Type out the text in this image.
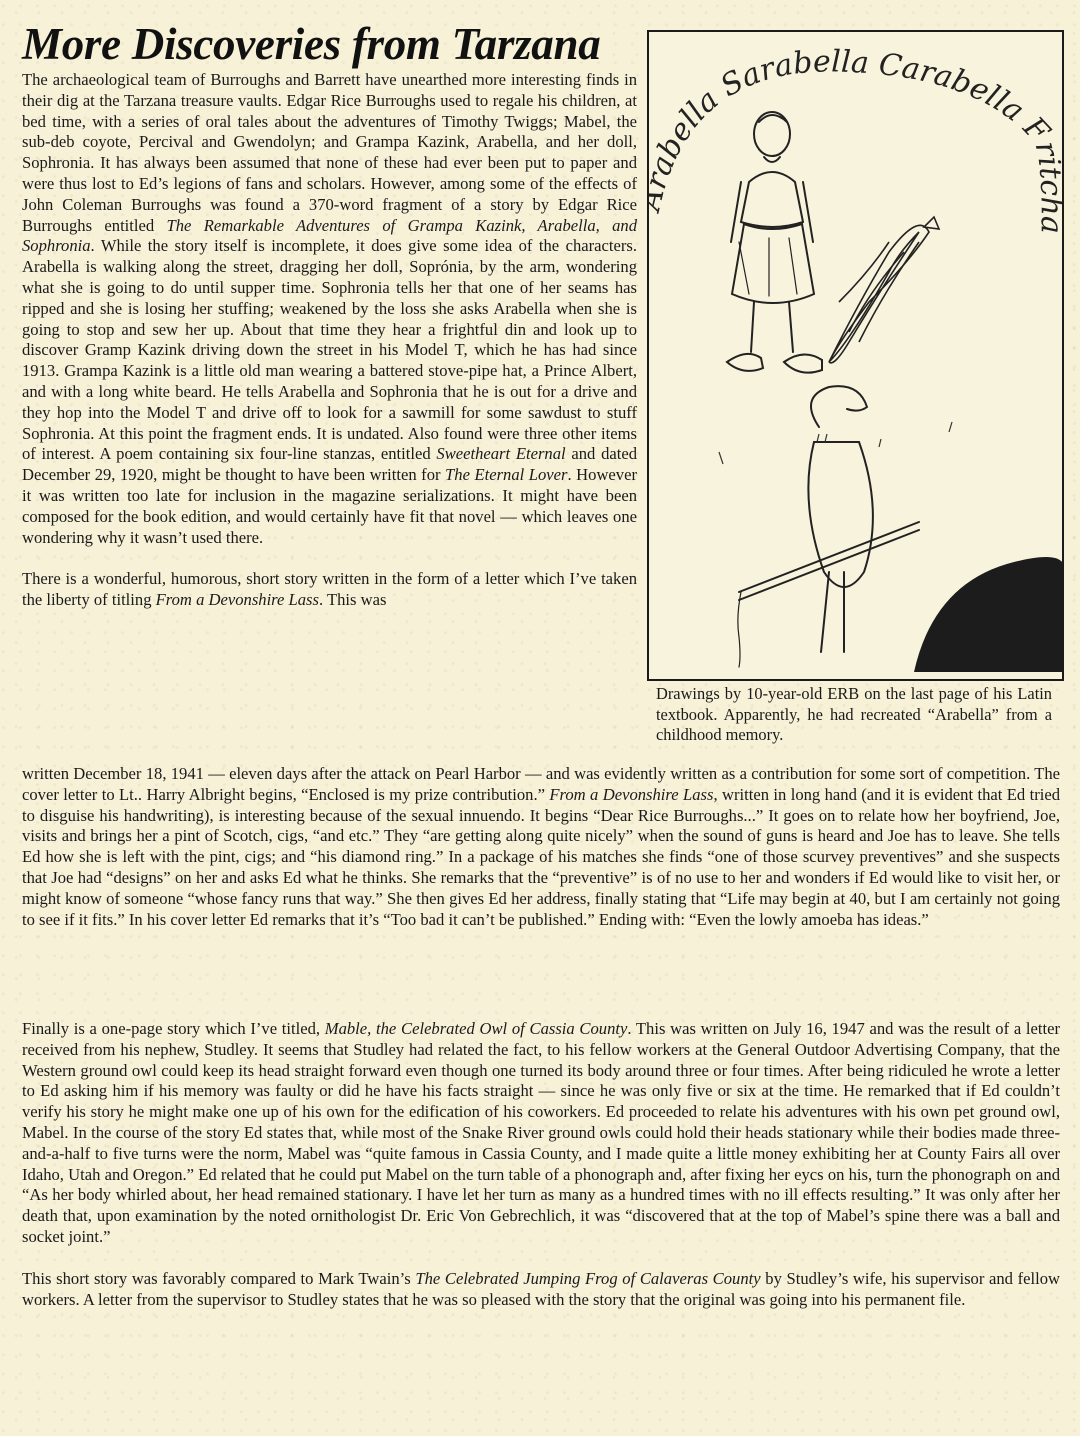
More Discoveries from Tarzana

The archaeological team of Burroughs and Barrett have unearthed more interesting finds in their dig at the Tarzana treasure vaults. Edgar Rice Burroughs used to regale his children, at bed time, with a series of oral tales about the adventures of Timothy Twiggs; Mabel, the sub-deb coyote, Percival and Gwendolyn; and Grampa Kazink, Arabella, and her doll, Sophronia. It has always been assumed that none of these had ever been put to paper and were thus lost to Ed’s legions of fans and scholars. However, among some of the effects of John Coleman Burroughs was found a 370-word fragment of a story by Edgar Rice Burroughs entitled The Remarkable Adventures of Grampa Kazink, Arabella, and Sophronia. While the story itself is incomplete, it does give some idea of the characters. Arabella is walking along the street, dragging her doll, Soprónia, by the arm, wondering what she is going to do until supper time. Sophronia tells her that one of her seams has ripped and she is losing her stuffing; weakened by the loss she asks Arabella when she is going to stop and sew her up. About that time they hear a frightful din and look up to discover Gramp Kazink driving down the street in his Model T, which he has had since 1913. Grampa Kazink is a little old man wearing a battered stove-pipe hat, a Prince Albert, and with a long white beard. He tells Arabella and Sophronia that he is out for a drive and they hop into the Model T and drive off to look for a sawmill for some sawdust to stuff Sophronia. At this point the fragment ends. It is undated. Also found were three other items of interest. A poem containing six four-line stanzas, entitled Sweetheart Eternal and dated December 29, 1920, might be thought to have been written for The Eternal Lover. However it was written too late for inclusion in the magazine serializations. It might have been composed for the book edition, and would certainly have fit that novel — which leaves one wondering why it wasn’t used there.

There is a wonderful, humorous, short story written in the form of a letter which I’ve taken the liberty of titling From a Devonshire Lass. This was

written December 18, 1941 — eleven days after the attack on Pearl Harbor — and was evidently written as a contribution for some sort of competition. The cover letter to Lt.. Harry Albright begins, “Enclosed is my prize contribution.” From a Devonshire Lass, written in long hand (and it is evident that Ed tried to disguise his handwriting), is interesting because of the sexual innuendo. It begins “Dear Rice Burroughs...” It goes on to relate how her boyfriend, Joe, visits and brings her a pint of Scotch, cigs, “and etc.” They “are getting along quite nicely” when the sound of guns is heard and Joe has to leave. She tells Ed how she is left with the pint, cigs; and “his diamond ring.” In a package of his matches she finds “one of those scurvey preventives” and she suspects that Joe had “designs” on her and asks Ed what he thinks. She remarks that the “preventive” is of no use to her and wonders if Ed would like to visit her, or might know of someone “whose fancy runs that way.” She then gives Ed her address, finally stating that “Life may begin at 40, but I am certainly not going to see if it fits.” In his cover letter Ed remarks that it’s “Too bad it can’t be published.” Ending with: “Even the lowly amoeba has ideas.”

Finally is a one-page story which I’ve titled, Mable, the Celebrated Owl of Cassia County. This was written on July 16, 1947 and was the result of a letter received from his nephew, Studley. It seems that Studley had related the fact, to his fellow workers at the General Outdoor Advertising Company, that the Western ground owl could keep its head straight forward even though one turned its body around three or four times. After being ridiculed he wrote a letter to Ed asking him if his memory was faulty or did he have his facts straight — since he was only five or six at the time. He remarked that if Ed couldn’t verify his story he might make one up of his own for the edification of his coworkers. Ed proceeded to relate his adventures with his own pet ground owl, Mabel. In the course of the story Ed states that, while most of the Snake River ground owls could hold their heads stationary while their bodies made three-and-a-half to five turns were the norm, Mabel was “quite famous in Cassia County, and I made quite a little money exhibiting her at County Fairs all over Idaho, Utah and Oregon.” Ed related that he could put Mabel on the turn table of a phonograph and, after fixing her eycs on his, turn the phonograph on and “As her body whirled about, her head remained stationary. I have let her turn as many as a hundred times with no ill effects resulting.” It was only after her death that, upon examination by the noted ornithologist Dr. Eric Von Gebrechlich, it was “discovered that at the top of Mabel’s spine there was a ball and socket joint.”

This short story was favorably compared to Mark Twain’s The Celebrated Jumping Frog of Calaveras County by Studley’s wife, his supervisor and fellow workers. A letter from the supervisor to Studley states that he was so pleased with the story that the original was going into his permanent file.

bella Sarabella Carabella Fr

Drawings by 10-year-old ERB on the last page of his Latin textbook. Apparently, he had recreated “Arabella” from a childhood memory.
